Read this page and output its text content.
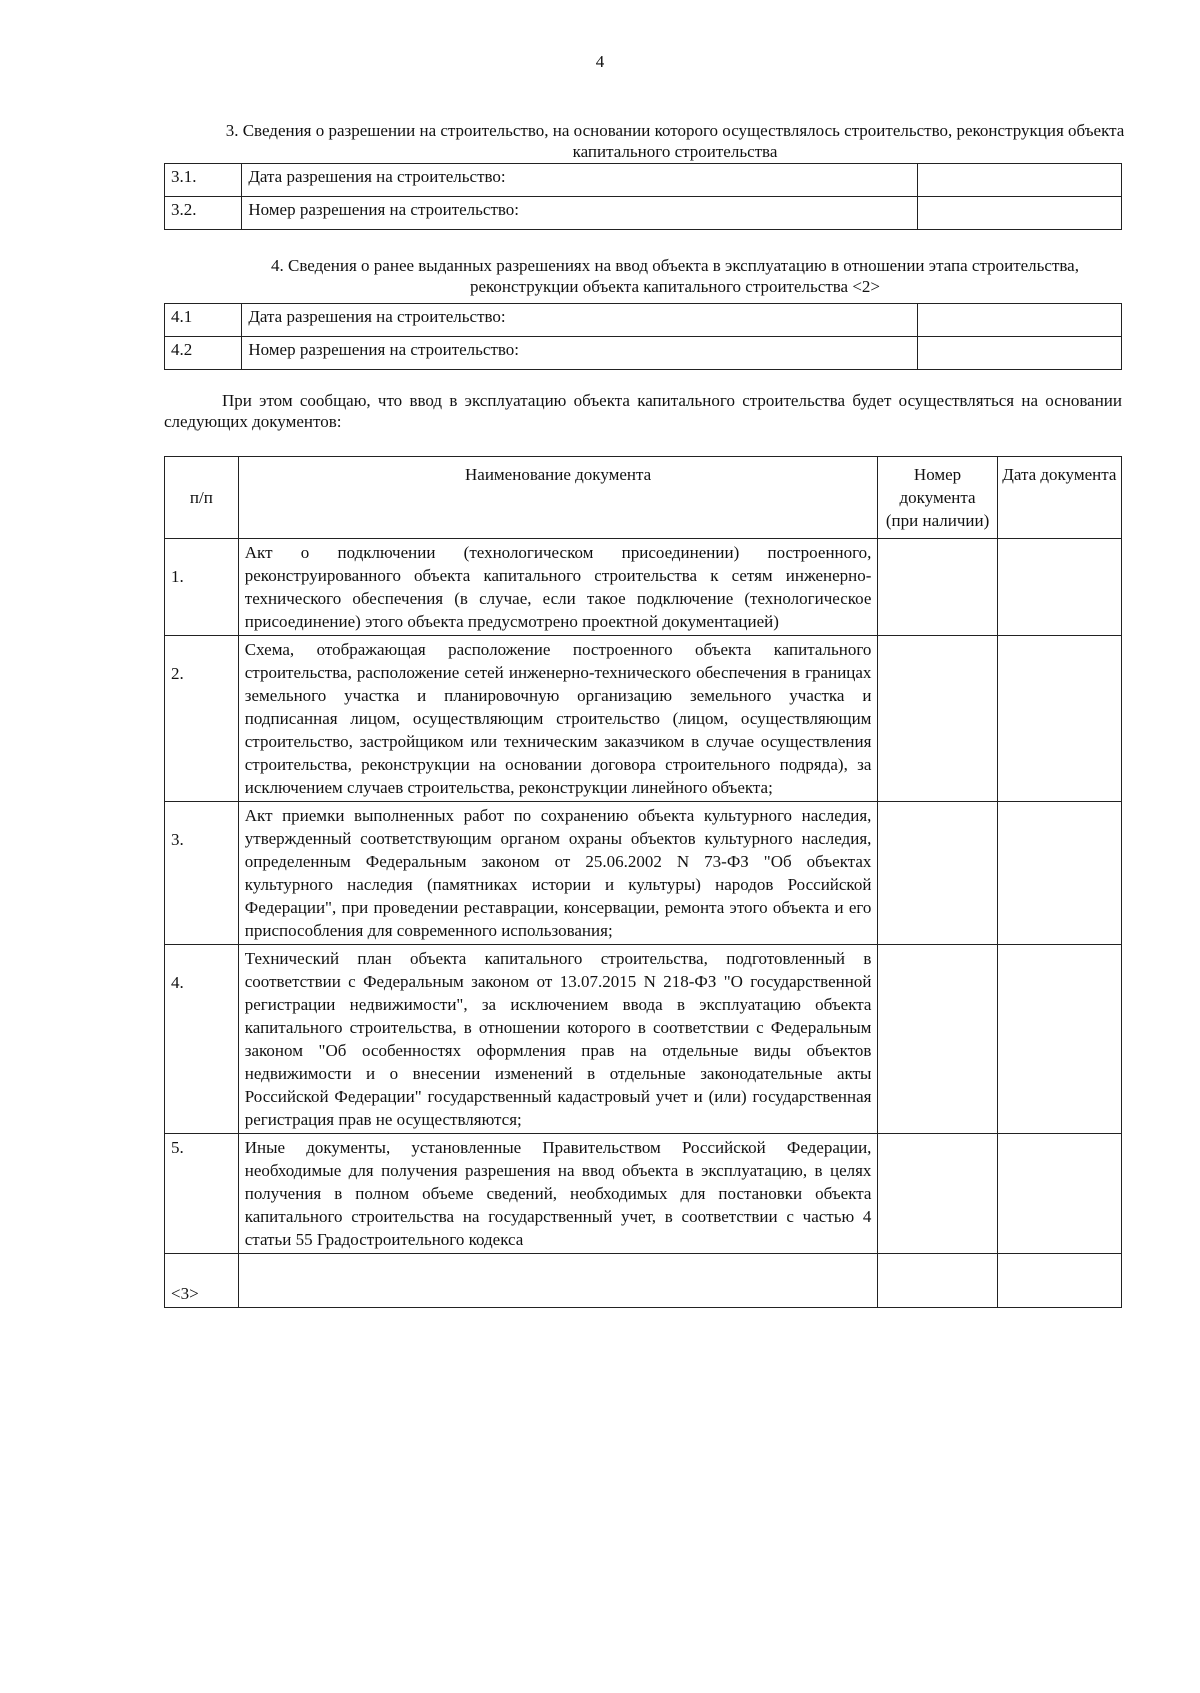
4
3. Сведения о разрешении на строительство, на основании которого осуществлялось строительство, реконструкция объекта капитального строительства
3.1.	Дата разрешения на строительство:	
3.2.	Номер разрешения на строительство:	
4. Сведения о ранее выданных разрешениях на ввод объекта в эксплуатацию в отношении этапа строительства, реконструкции объекта капитального строительства <2>
4.1	Дата разрешения на строительство:	
4.2	Номер разрешения на строительство:	
При этом сообщаю, что ввод в эксплуатацию объекта капитального строительства будет осуществляться на основании следующих документов:
п/п	Наименование документа	Номер документа (при наличии)	Дата документа
1.	Акт о подключении (технологическом присоединении) построенного, реконструированного объекта капитального строительства к сетям инженерно-технического обеспечения (в случае, если такое подключение (технологическое присоединение) этого объекта предусмотрено проектной документацией)		
2.	Схема, отображающая расположение построенного объекта капитального строительства, расположение сетей инженерно-технического обеспечения в границах земельного участка и планировочную организацию земельного участка и подписанная лицом, осуществляющим строительство (лицом, осуществляющим строительство, застройщиком или техническим заказчиком в случае осуществления строительства, реконструкции на основании договора строительного подряда), за исключением случаев строительства, реконструкции линейного объекта;		
3.	Акт приемки выполненных работ по сохранению объекта культурного наследия, утвержденный соответствующим органом охраны объектов культурного наследия, определенным Федеральным законом от 25.06.2002 N 73-ФЗ "Об объектах культурного наследия (памятниках истории и культуры) народов Российской Федерации", при проведении реставрации, консервации, ремонта этого объекта и его приспособления для современного использования;		
4.	Технический план объекта капитального строительства, подготовленный в соответствии с Федеральным законом от 13.07.2015 N 218-ФЗ "О государственной регистрации недвижимости", за исключением ввода в эксплуатацию объекта капитального строительства, в отношении которого в соответствии с Федеральным законом "Об особенностях оформления прав на отдельные виды объектов недвижимости и о внесении изменений в отдельные законодательные акты Российской Федерации" государственный кадастровый учет и (или) государственная регистрация прав не осуществляются;		
5.	Иные документы, установленные Правительством Российской Федерации, необходимые для получения разрешения на ввод объекта в эксплуатацию, в целях получения в полном объеме сведений, необходимых для постановки объекта капитального строительства на государственный учет, в соответствии с частью 4 статьи 55 Градостроительного кодекса		
<3>			
